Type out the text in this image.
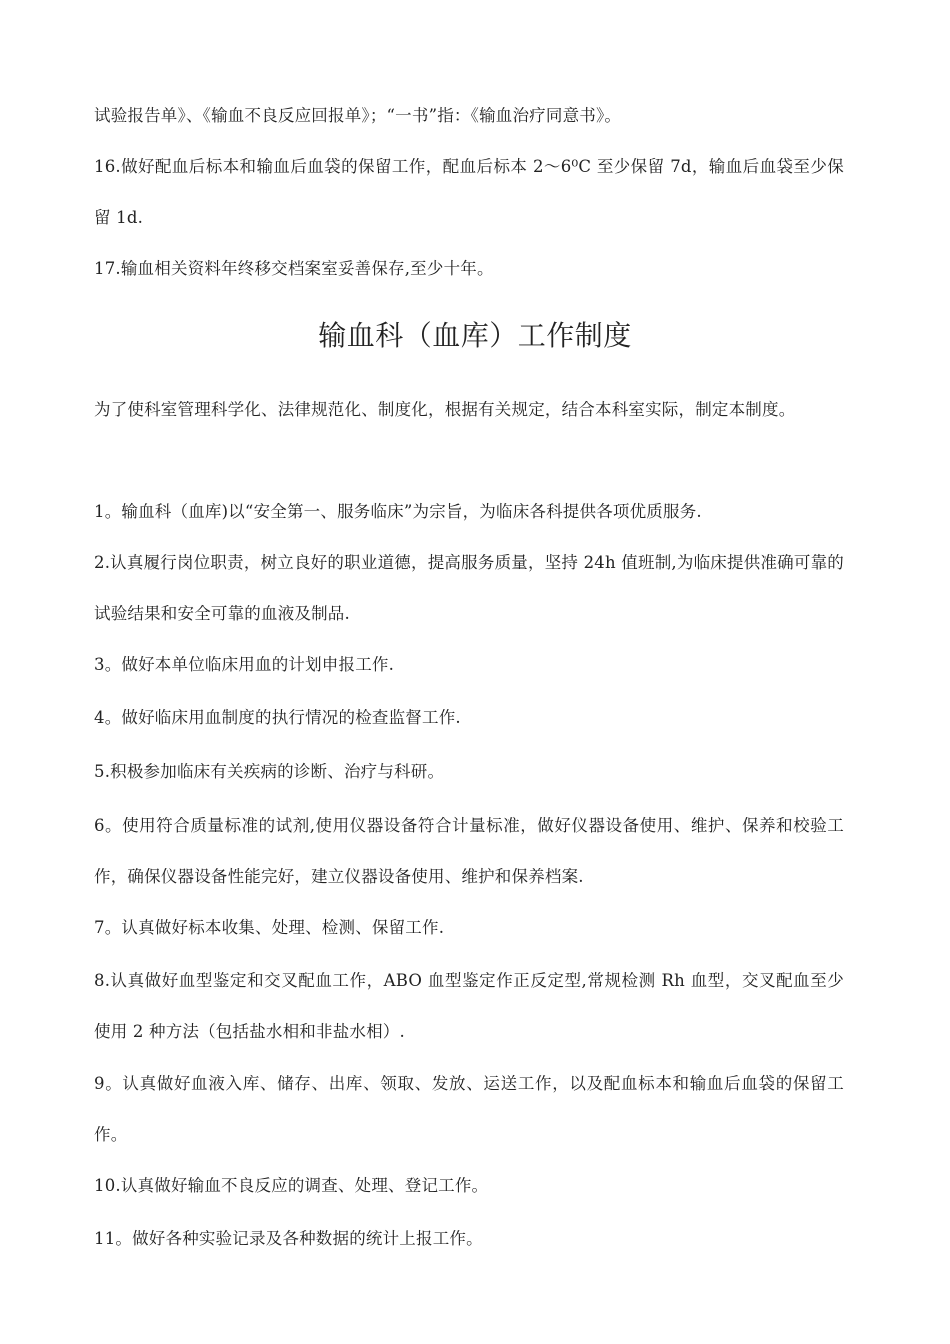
试验报告单》、《输血不良反应回报单》；“一书”指：《输血治疗同意书》。

16.做好配血后标本和输血后血袋的保留工作，配血后标本 2～6⁰C 至少保留 7d，输血后血袋至少保留 1d.

17.输血相关资料年终移交档案室妥善保存,至少十年。

输血科（血库）工作制度

为了使科室管理科学化、法律规范化、制度化，根据有关规定，结合本科室实际，制定本制度。

1。输血科（血库)以“安全第一、服务临床”为宗旨，为临床各科提供各项优质服务.

2.认真履行岗位职责，树立良好的职业道德，提高服务质量，坚持 24h 值班制,为临床提供准确可靠的试验结果和安全可靠的血液及制品.

3。做好本单位临床用血的计划申报工作.

4。做好临床用血制度的执行情况的检查监督工作.

5.积极参加临床有关疾病的诊断、治疗与科研。

6。使用符合质量标准的试剂,使用仪器设备符合计量标准，做好仪器设备使用、维护、保养和校验工作，确保仪器设备性能完好，建立仪器设备使用、维护和保养档案.

7。认真做好标本收集、处理、检测、保留工作.

8.认真做好血型鉴定和交叉配血工作，ABO 血型鉴定作正反定型,常规检测 Rh 血型，交叉配血至少使用 2 种方法（包括盐水相和非盐水相）.

9。认真做好血液入库、储存、出库、领取、发放、运送工作，以及配血标本和输血后血袋的保留工作。

10.认真做好输血不良反应的调查、处理、登记工作。

11。做好各种实验记录及各种数据的统计上报工作。
